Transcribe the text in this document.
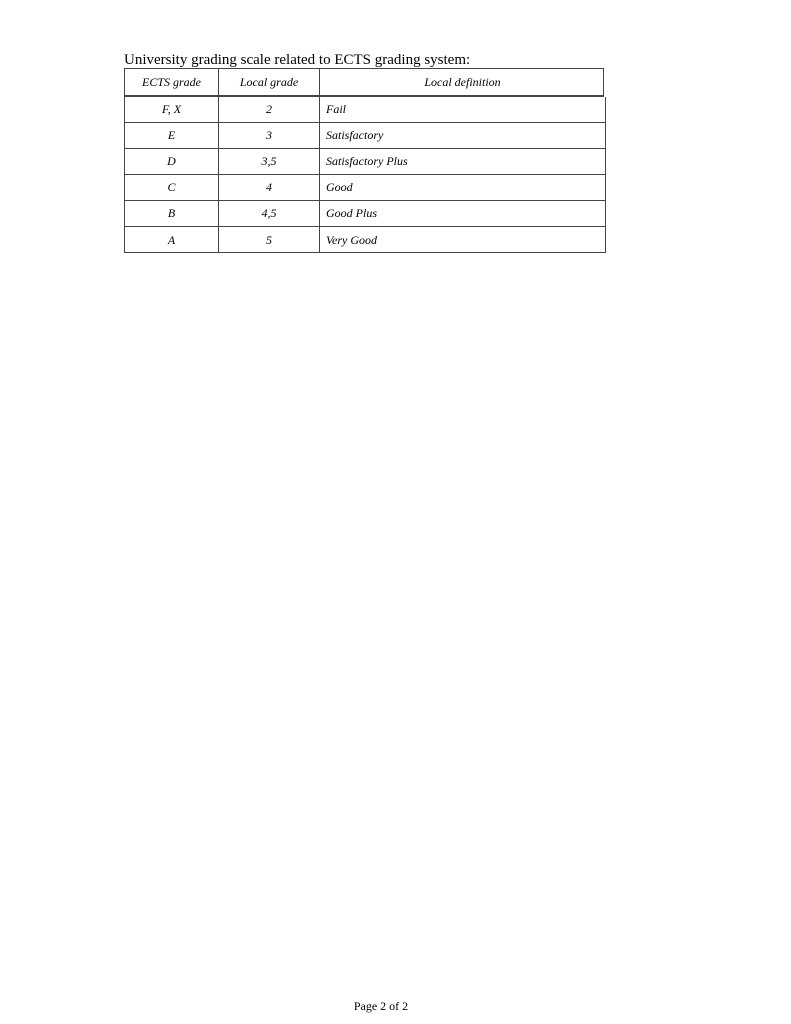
University grading scale related to ECTS grading system:
ECTS grade	Local grade	Local definition
F, X	2	Fail
E	3	Satisfactory
D	3,5	Satisfactory Plus
C	4	Good
B	4,5	Good Plus
A	5	Very Good
Page 2 of 2
